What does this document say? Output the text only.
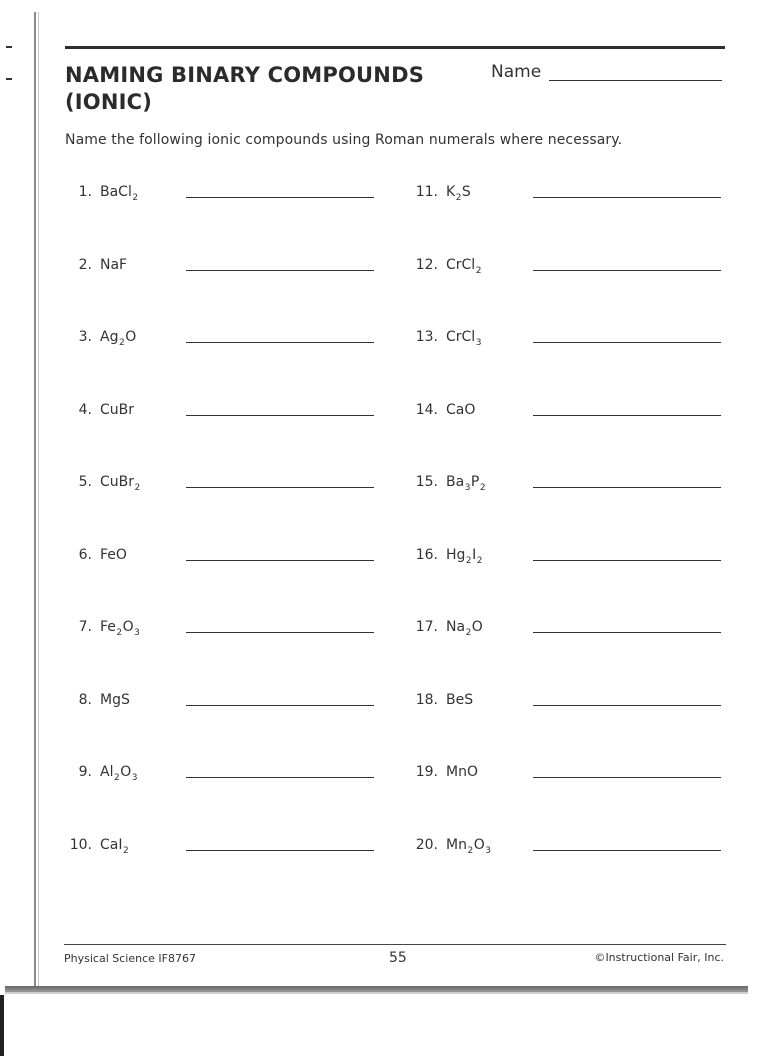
NAMING BINARY COMPOUNDS
(IONIC)
Name
Name the following ionic compounds using Roman numerals where necessary.
1. BaCl$_2$
2. NaF
3. $Ag_2O$
4. CuBr
5. CuBr$_2$
6. FeO
7. $Fe_2O_3$
8. MgS
9. $Al_2O_3$
10. CaI$_2$
11. $K_2S$
12. CrCl$_2$
13. CrCl$_3$
14. CaO
15. $Ba_3P_2$
16. $Hg_2I_2$
17. $Na_2O$
18. BeS
19. MnO
20. $Mn_2O_3$
Physical Science IF8767	55	©Instructional Fair, Inc.
